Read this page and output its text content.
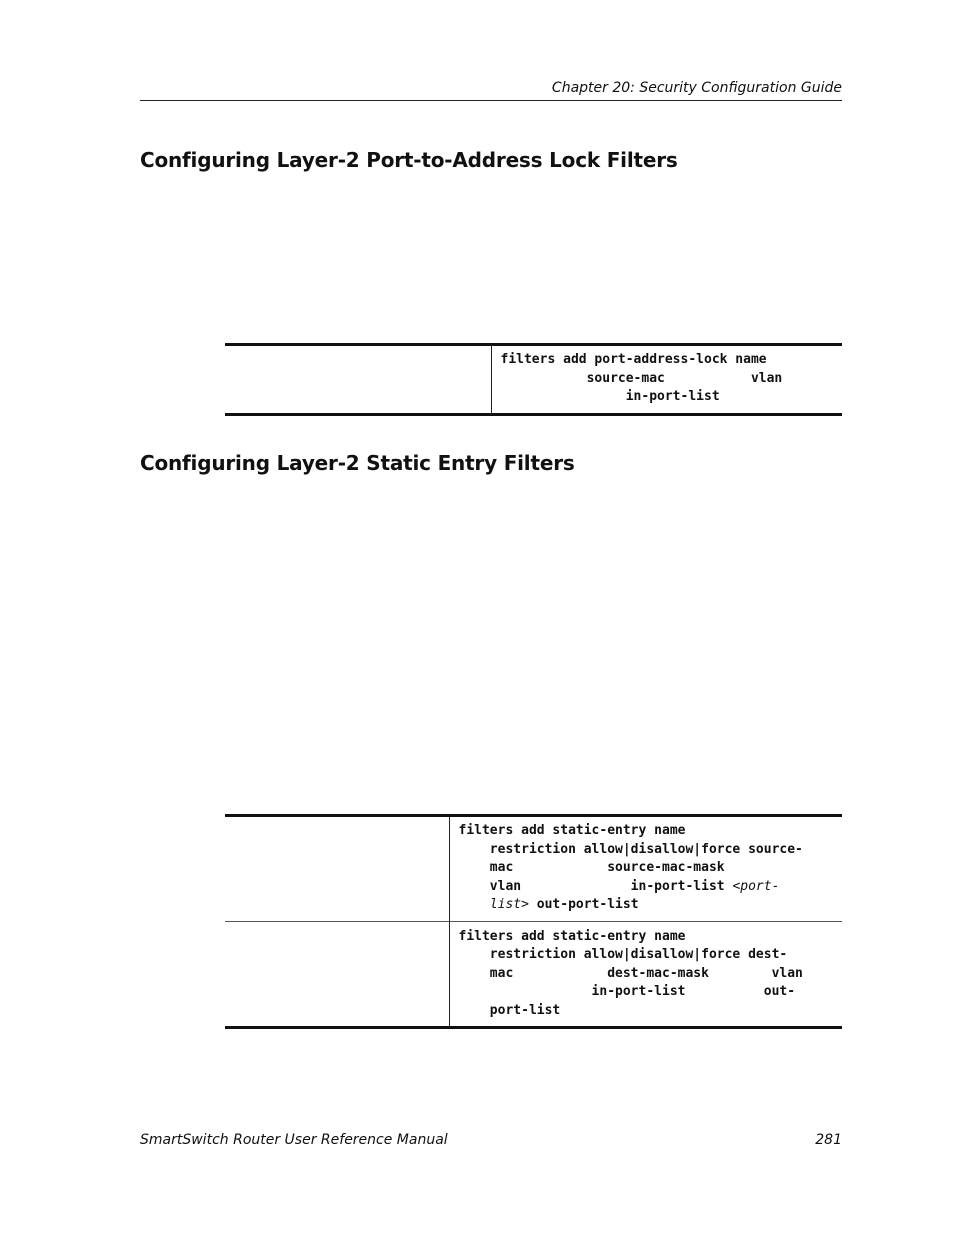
Chapter 20: Security Configuration Guide
Configuring Layer-2 Port-to-Address Lock Filters

filters add port-address-lock name
source-mac           vlan
in-port-list
Configuring Layer-2 Static Entry Filters

	filters add static-entry name
restriction allow|disallow|force source-
mac            source-mac-mask
vlan              in-port-list <port-
list> out-port-list

	filters add static-entry name
restriction allow|disallow|force dest-
mac            dest-mac-mask        vlan
in-port-list          out-
port-list
SmartSwitch Router User Reference Manual	281
